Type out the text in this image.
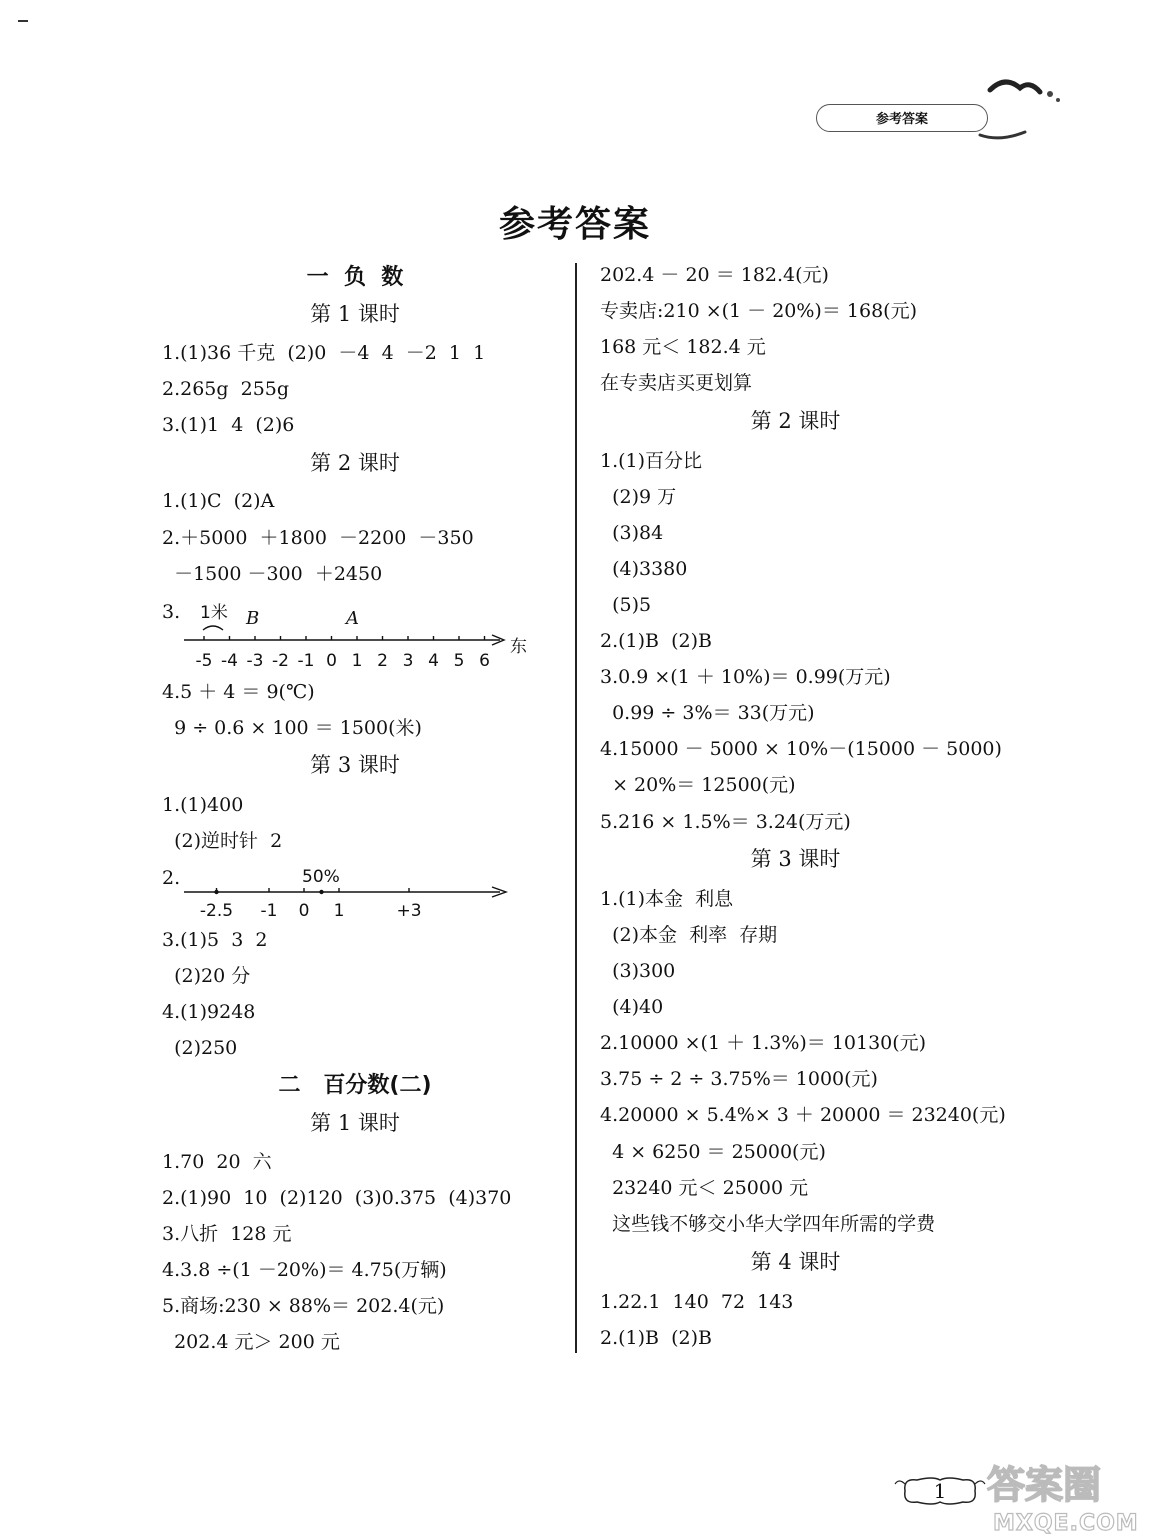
参考答案
参考答案
一  负  数
第 1 课时
1.(1)36 千克  (2)0  －4  4  －2  1  1
2.265g  255g
3.(1)1  4  (2)6
第 2 课时
1.(1)C  (2)A
2.＋5000  ＋1800  －2200  －350
－1500 －300  ＋2450
3. 1米 B	A
-5 -4 -3 -2 -1 0 1 2 3 4 5 6
东
4.5 ＋ 4 ＝ 9(℃)
9 ÷ 0.6 × 100 ＝ 1500(米)
第 3 课时
1.(1)400
(2)逆时针  2
2.	50%
-2.5 -1 0 1	+3
3.(1)5  3  2
(2)20 分
4.(1)9248
(2)250
二   百分数(二)
第 1 课时
1.70  20  六
2.(1)90  10  (2)120  (3)0.375  (4)370
3.八折  128 元
4.3.8 ÷(1 －20%)＝ 4.75(万辆)
5.商场:230 × 88%＝ 202.4(元)
202.4 元＞ 200 元
202.4 － 20 ＝ 182.4(元)
专卖店:210 ×(1 － 20%)＝ 168(元)
168 元＜ 182.4 元
在专卖店买更划算
第 2 课时
1.(1)百分比
(2)9 万
(3)84
(4)3380
(5)5
2.(1)B  (2)B
3.0.9 ×(1 ＋ 10%)＝ 0.99(万元)
0.99 ÷ 3%＝ 33(万元)
4.15000 － 5000 × 10%－(15000 － 5000)
× 20%＝ 12500(元)
5.216 × 1.5%＝ 3.24(万元)
第 3 课时
1.(1)本金  利息
(2)本金  利率  存期
(3)300
(4)40
2.10000 ×(1 ＋ 1.3%)＝ 10130(元)
3.75 ÷ 2 ÷ 3.75%＝ 1000(元)
4.20000 × 5.4%× 3 ＋ 20000 ＝ 23240(元)
4 × 6250 ＝ 25000(元)
23240 元＜ 25000 元
这些钱不够交小华大学四年所需的学费
第 4 课时
1.22.1  140  72  143
2.(1)B  (2)B
1	答案圈
MXQE.COM
